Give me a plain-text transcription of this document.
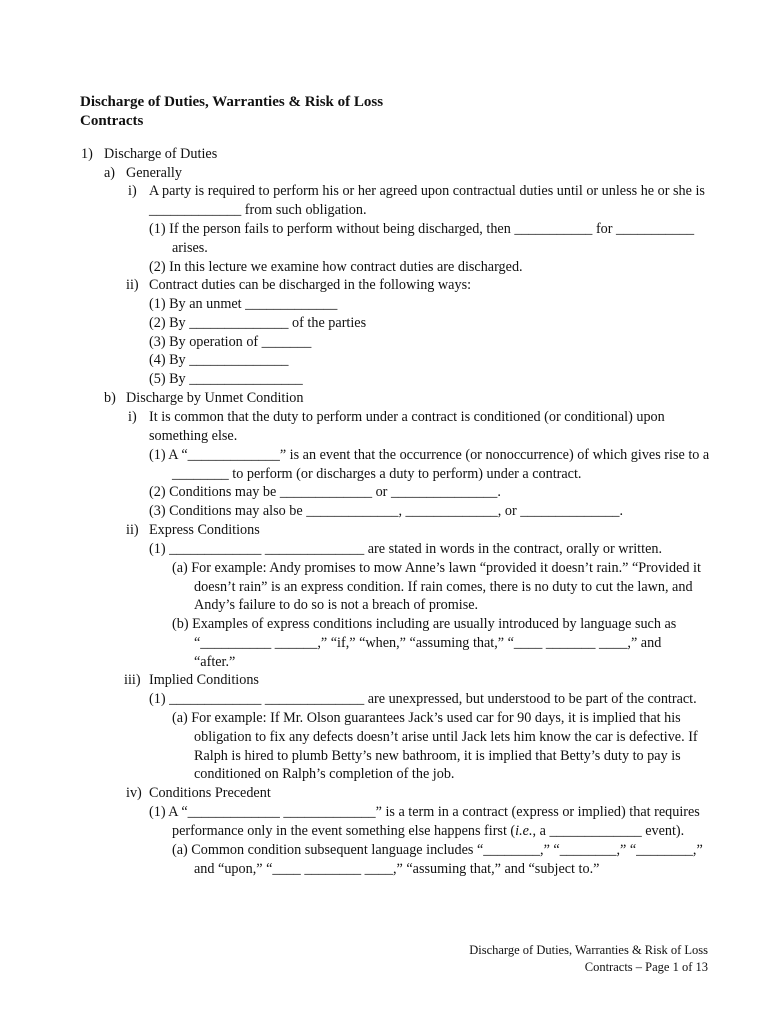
Discharge of Duties, Warranties & Risk of Loss
Contracts
1) Discharge of Duties
a) Generally
i) A party is required to perform his or her agreed upon contractual duties until or unless he or she is
_____________ from such obligation.
(1) If the person fails to perform without being discharged, then ___________ for ___________
arises.
(2) In this lecture we examine how contract duties are discharged.
ii) Contract duties can be discharged in the following ways:
(1) By an unmet _____________
(2) By ______________ of the parties
(3) By operation of _______
(4) By ______________
(5) By ________________
b) Discharge by Unmet Condition
i) It is common that the duty to perform under a contract is conditioned (or conditional) upon
something else.
(1) A “_____________” is an event that the occurrence (or nonoccurrence) of which gives rise to a
________ to perform (or discharges a duty to perform) under a contract.
(2) Conditions may be _____________ or _______________.
(3) Conditions may also be _____________, _____________, or ______________.
ii) Express Conditions
(1) _____________ ______________ are stated in words in the contract, orally or written.
(a) For example: Andy promises to mow Anne’s lawn “provided it doesn’t rain.” “Provided it
doesn’t rain” is an express condition. If rain comes, there is no duty to cut the lawn, and
Andy’s failure to do so is not a breach of promise.
(b) Examples of express conditions including are usually introduced by language such as
“__________ ______,” “if,” “when,” “assuming that,” “____ _______ ____,” and
“after.”
iii) Implied Conditions
(1) _____________ ______________ are unexpressed, but understood to be part of the contract.
(a) For example: If Mr. Olson guarantees Jack’s used car for 90 days, it is implied that his
obligation to fix any defects doesn’t arise until Jack lets him know the car is defective. If
Ralph is hired to plumb Betty’s new bathroom, it is implied that Betty’s duty to pay is
conditioned on Ralph’s completion of the job.
iv) Conditions Precedent
(1) A “_____________ _____________” is a term in a contract (express or implied) that requires
performance only in the event something else happens first (i.e., a _____________ event).
(a) Common condition subsequent language includes “________,” “________,” “________,”
and “upon,” “____ ________ ____,” “assuming that,” and “subject to.”
Discharge of Duties, Warranties & Risk of Loss
Contracts – Page 1 of 13
